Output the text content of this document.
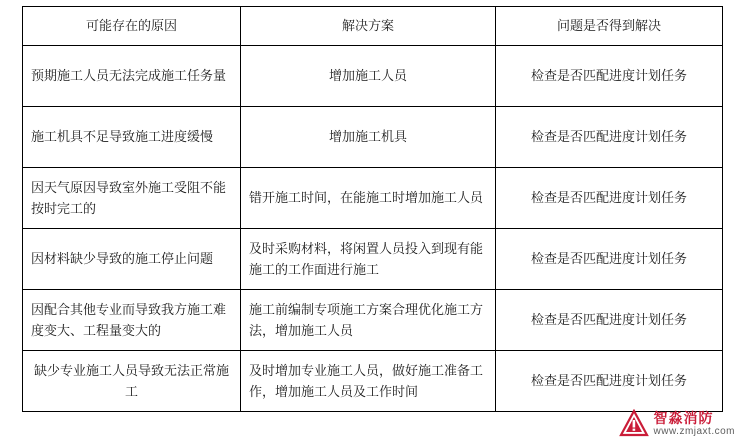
可能存在的原因	解决方案	问题是否得到解决
预期施工人员无法完成施工任务量	增加施工人员	检查是否匹配进度计划任务
施工机具不足导致施工进度缓慢	增加施工机具	检查是否匹配进度计划任务
因天气原因导致室外施工受阻不能按时完工的	错开施工时间，在能施工时增加施工人员	检查是否匹配进度计划任务
因材料缺少导致的施工停止问题	及时采购材料，将闲置人员投入到现有能施工的工作面进行施工	检查是否匹配进度计划任务
因配合其他专业而导致我方施工难度变大、工程量变大的	施工前编制专项施工方案合理优化施工方法，增加施工人员	检查是否匹配进度计划任务
缺少专业施工人员导致无法正常施工	及时增加专业施工人员，做好施工准备工作，增加施工人员及工作时间	检查是否匹配进度计划任务
智淼消防
www.zmjaxt.com
